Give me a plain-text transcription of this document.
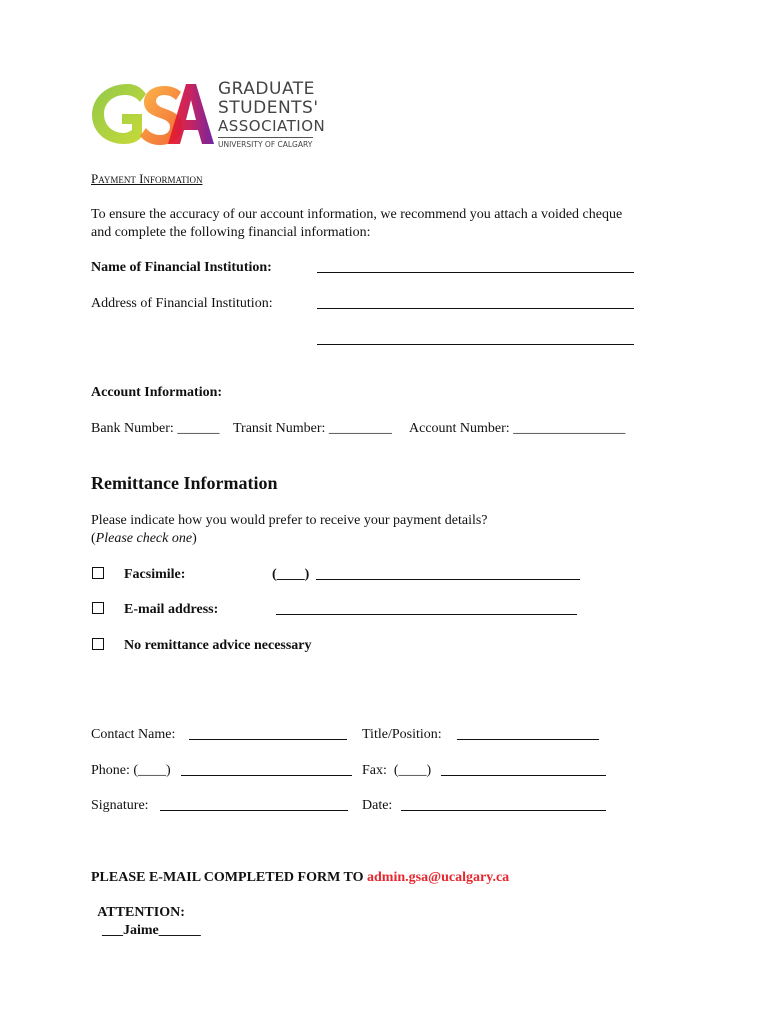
GRADUATE
STUDENTS'
ASSOCIATION
UNIVERSITY OF CALGARY
Payment Information
To ensure the accuracy of our account information, we recommend you attach a voided cheque
and complete the following financial information:
Name of Financial Institution:
Address of Financial Institution:
Account Information:
Bank Number: ______ Transit Number: _________ Account Number: ________________
Remittance Information
Please indicate how you would prefer to receive your payment details?
(Please check one)
Facsimile:	(____)
E-mail address:
No remittance advice necessary
Contact Name:	Title/Position:
Phone: (____)	Fax:  (____)
Signature:	Date:
PLEASE E-MAIL COMPLETED FORM TO admin.gsa@ucalgary.ca

ATTENTION:
___Jaime______
